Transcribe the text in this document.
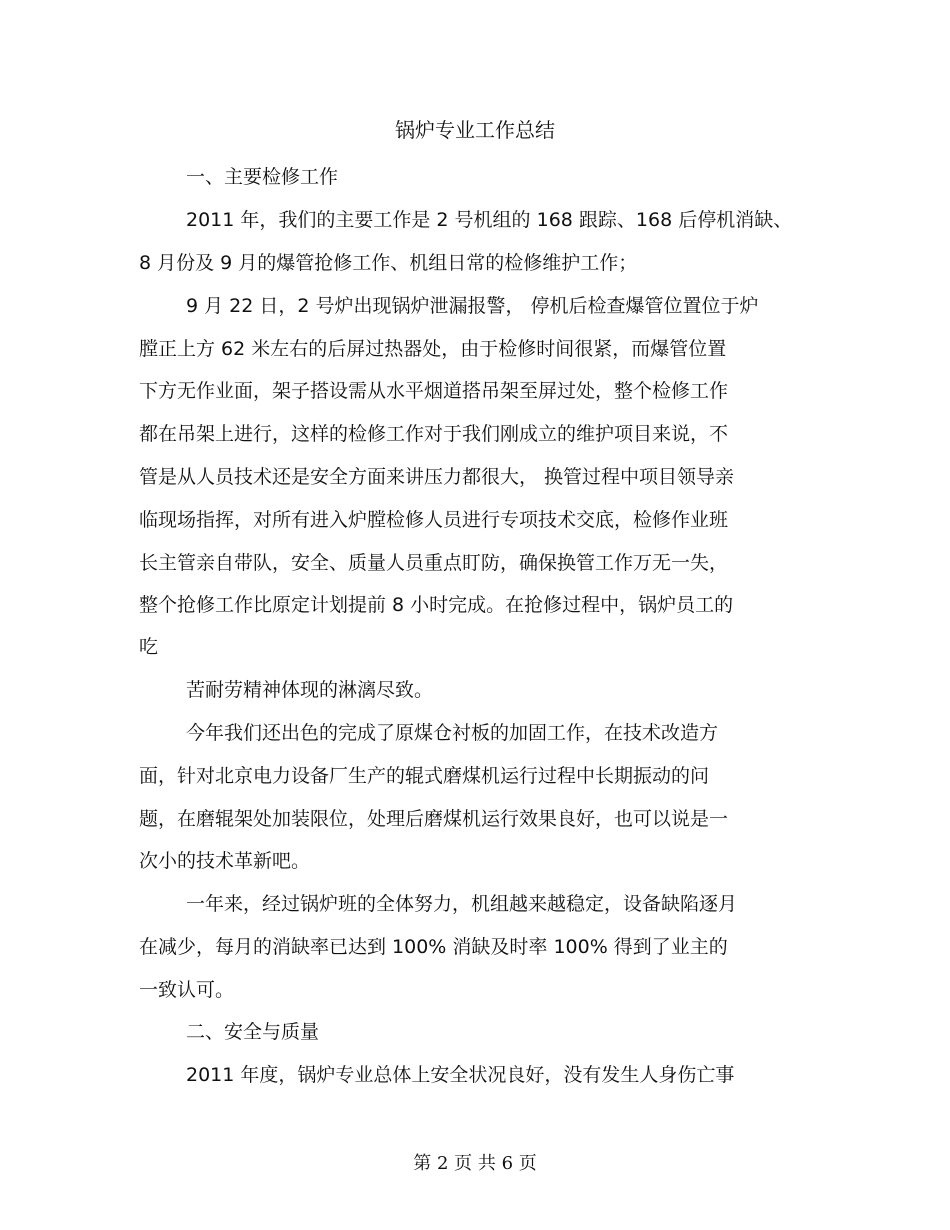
锅炉专业工作总结
一、主要检修工作
2011 年，我们的主要工作是 2 号机组的 168 跟踪、168 后停机消缺、
8 月份及 9 月的爆管抢修工作、机组日常的检修维护工作；
9 月 22 日，2 号炉出现锅炉泄漏报警， 停机后检查爆管位置位于炉
膛正上方 62 米左右的后屏过热器处，由于检修时间很紧，而爆管位置
下方无作业面，架子搭设需从水平烟道搭吊架至屏过处，整个检修工作
都在吊架上进行，这样的检修工作对于我们刚成立的维护项目来说，不
管是从人员技术还是安全方面来讲压力都很大， 换管过程中项目领导亲
临现场指挥，对所有进入炉膛检修人员进行专项技术交底，检修作业班
长主管亲自带队，安全、质量人员重点盯防，确保换管工作万无一失，
整个抢修工作比原定计划提前 8 小时完成。在抢修过程中，锅炉员工的
吃
苦耐劳精神体现的淋漓尽致。
今年我们还出色的完成了原煤仓衬板的加固工作，在技术改造方
面，针对北京电力设备厂生产的辊式磨煤机运行过程中长期振动的问
题，在磨辊架处加装限位，处理后磨煤机运行效果良好，也可以说是一
次小的技术革新吧。
一年来，经过锅炉班的全体努力，机组越来越稳定，设备缺陷逐月
在减少，每月的消缺率已达到 100% 消缺及时率 100% 得到了业主的
一致认可。
二、安全与质量
2011 年度，锅炉专业总体上安全状况良好，没有发生人身伤亡事
第 2 页 共 6 页
